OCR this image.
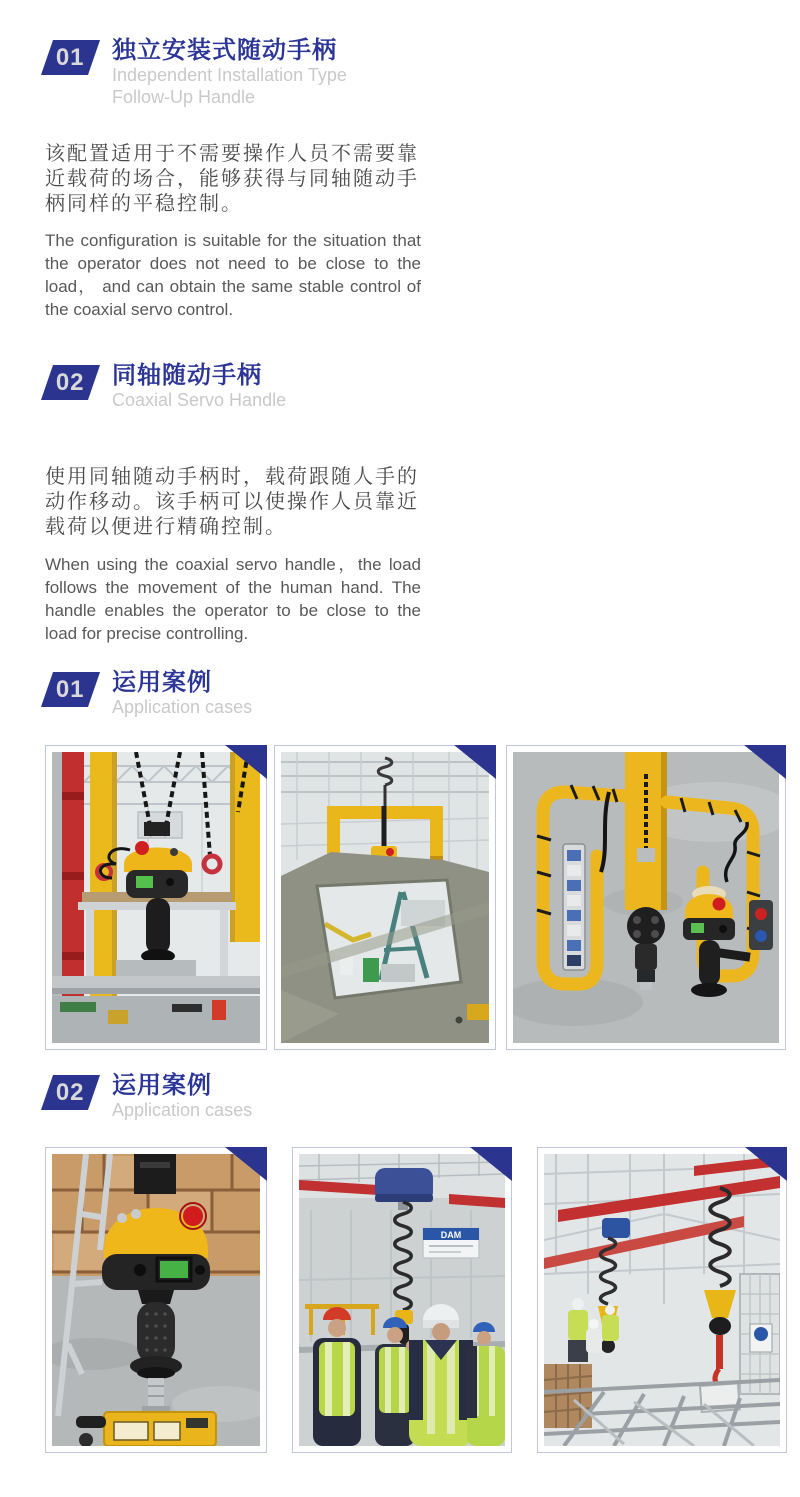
01 独立安装式随动手柄
Independent Installation Type Follow-Up Handle

该配置适用于不需要操作人员不需要靠近载荷的场合，能够获得与同轴随动手柄同样的平稳控制。

The configuration is suitable for the situation that the operator does not need to be close to the load， and can obtain the same stable control of the coaxial servo control.

02 同轴随动手柄
Coaxial Servo Handle

使用同轴随动手柄时，载荷跟随人手的动作移动。该手柄可以使操作人员靠近载荷以便进行精确控制。

When using the coaxial servo handle，the load follows the movement of the human hand. The handle enables the operator to be close to the load for precise controlling.

01 运用案例
Application cases
02 运用案例
Application cases
DAM
